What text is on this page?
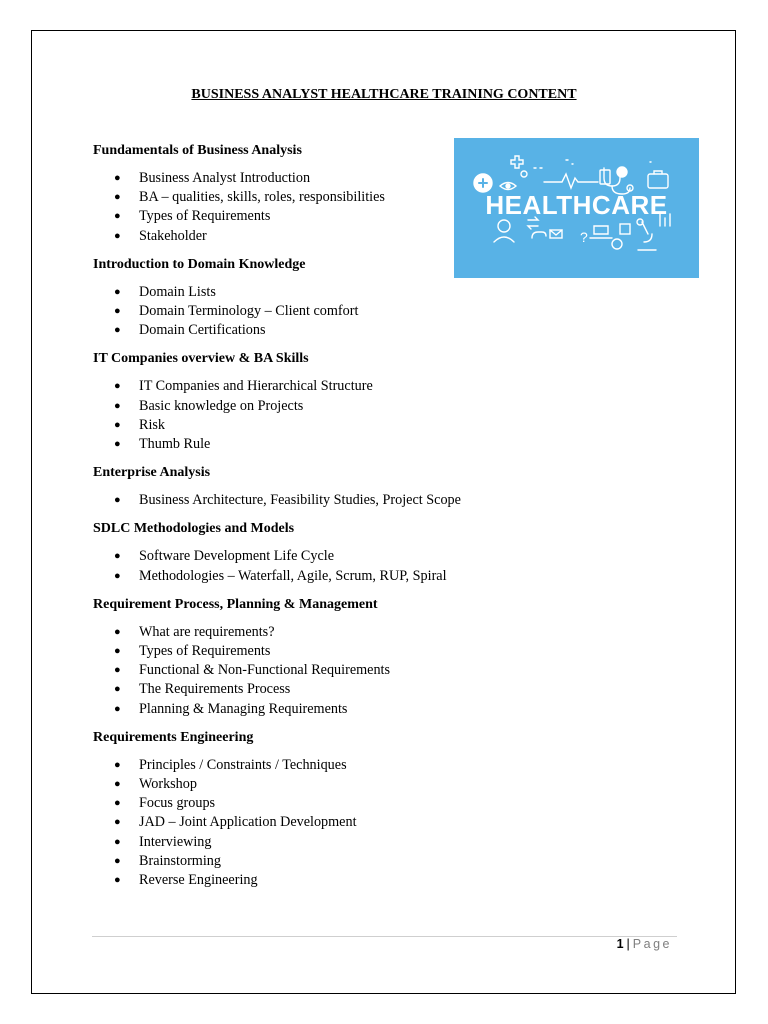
BUSINESS ANALYST HEALTHCARE TRAINING CONTENT
?
HEALTHCARE
Fundamentals of Business Analysis
● Business Analyst Introduction
● BA – qualities, skills, roles, responsibilities
● Types of Requirements
● Stakeholder
Introduction to Domain Knowledge
● Domain Lists
● Domain Terminology – Client comfort
● Domain Certifications
IT Companies overview & BA Skills
● IT Companies and Hierarchical Structure
● Basic knowledge on Projects
● Risk
● Thumb Rule
Enterprise Analysis
● Business Architecture, Feasibility Studies, Project Scope
SDLC Methodologies and Models
● Software Development Life Cycle
● Methodologies – Waterfall, Agile, Scrum, RUP, Spiral
Requirement Process, Planning & Management
● What are requirements?
● Types of Requirements
● Functional & Non-Functional Requirements
● The Requirements Process
● Planning & Managing Requirements
Requirements Engineering
● Principles / Constraints / Techniques
● Workshop
● Focus groups
● JAD – Joint Application Development
● Interviewing
● Brainstorming
● Reverse Engineering
1 | Page
